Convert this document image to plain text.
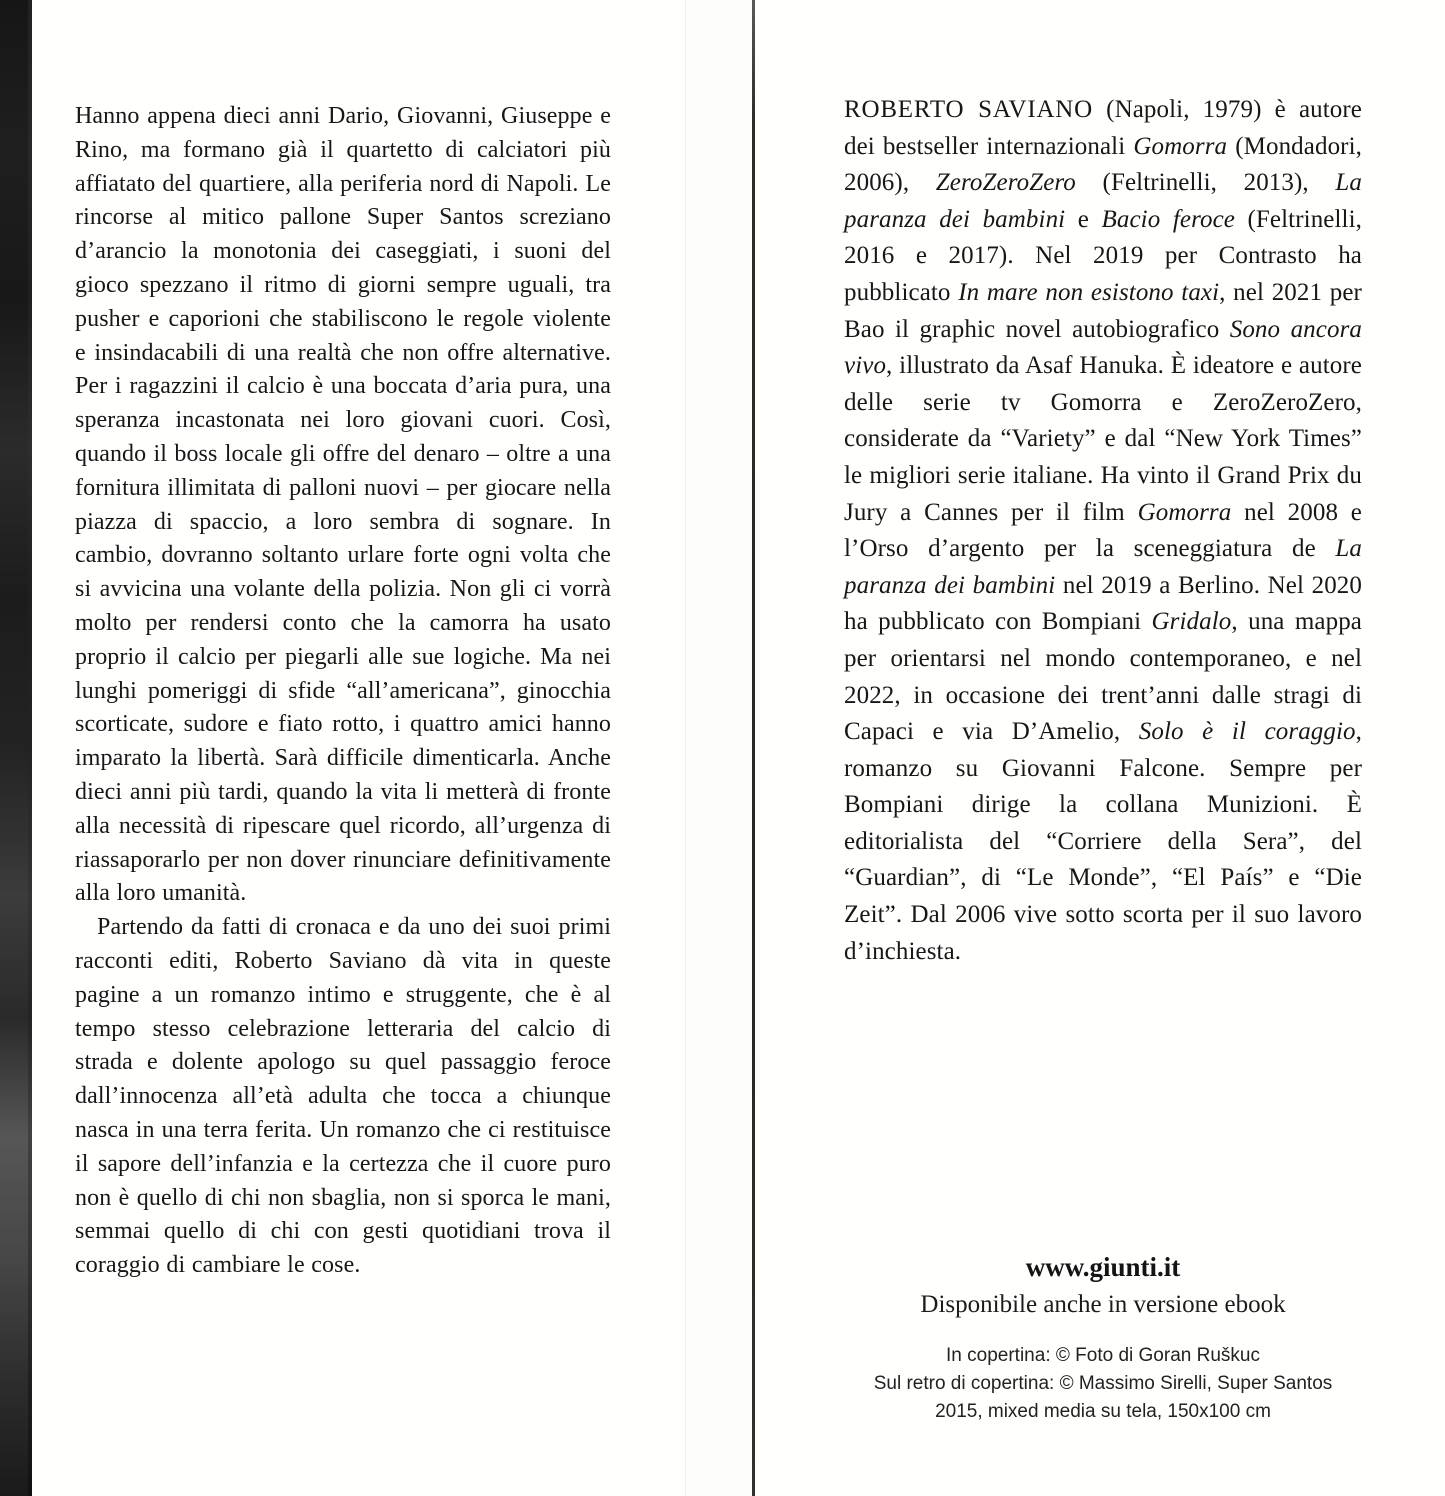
Hanno appena dieci anni Dario, Giovanni, Giuseppe e Rino, ma formano già il quartetto di calciatori più affiatato del quartiere, alla periferia nord di Napoli. Le rincorse al mitico pallone Super Santos screziano d’arancio la monotonia dei caseggiati, i suoni del gioco spezzano il ritmo di giorni sempre uguali, tra pusher e caporioni che stabiliscono le regole violente e insindacabili di una realtà che non offre alternative. Per i ragazzini il calcio è una boccata d’aria pura, una speranza incastonata nei loro giovani cuori. Così, quando il boss locale gli offre del denaro – oltre a una fornitura illimitata di palloni nuovi – per giocare nella piazza di spaccio, a loro sembra di sognare. In cambio, dovranno soltanto urlare forte ogni volta che si avvicina una volante della polizia. Non gli ci vorrà molto per rendersi conto che la camorra ha usato proprio il calcio per piegarli alle sue logiche. Ma nei lunghi pomeriggi di sfide “all’americana”, ginocchia scorticate, sudore e fiato rotto, i quattro amici hanno imparato la libertà. Sarà difficile dimenticarla. Anche dieci anni più tardi, quando la vita li metterà di fronte alla necessità di ripescare quel ricordo, all’urgenza di riassaporarlo per non dover rinunciare definitivamente alla loro umanità.

Partendo da fatti di cronaca e da uno dei suoi primi racconti editi, Roberto Saviano dà vita in queste pagine a un romanzo intimo e struggente, che è al tempo stesso celebrazione letteraria del calcio di strada e dolente apologo su quel passaggio feroce dall’innocenza all’età adulta che tocca a chiunque nasca in una terra ferita. Un romanzo che ci restituisce il sapore dell’infanzia e la certezza che il cuore puro non è quello di chi non sbaglia, non si sporca le mani, semmai quello di chi con gesti quotidiani trova il coraggio di cambiare le cose.

ROBERTO SAVIANO (Napoli, 1979) è autore dei bestseller internazionali Gomorra (Mondadori, 2006), ZeroZeroZero (Feltrinelli, 2013), La paranza dei bambini e Bacio feroce (Feltrinelli, 2016 e 2017). Nel 2019 per Contrasto ha pubblicato In mare non esistono taxi, nel 2021 per Bao il graphic novel autobiografico Sono ancora vivo, illustrato da Asaf Hanuka. È ideatore e autore delle serie tv Gomorra e ZeroZeroZero, considerate da “Variety” e dal “New York Times” le migliori serie italiane. Ha vinto il Grand Prix du Jury a Cannes per il film Gomorra nel 2008 e l’Orso d’argento per la sceneggiatura de La paranza dei bambini nel 2019 a Berlino. Nel 2020 ha pubblicato con Bompiani Gridalo, una mappa per orientarsi nel mondo contemporaneo, e nel 2022, in occasione dei trent’anni dalle stragi di Capaci e via D’Amelio, Solo è il coraggio, romanzo su Giovanni Falcone. Sempre per Bompiani dirige la collana Munizioni. È editorialista del “Corriere della Sera”, del “Guardian”, di “Le Monde”, “El País” e “Die Zeit”. Dal 2006 vive sotto scorta per il suo lavoro d’inchiesta.

www.giunti.it
Disponibile anche in versione ebook
In copertina: © Foto di Goran Ruškuc
Sul retro di copertina: © Massimo Sirelli, Super Santos
2015, mixed media su tela, 150x100 cm
